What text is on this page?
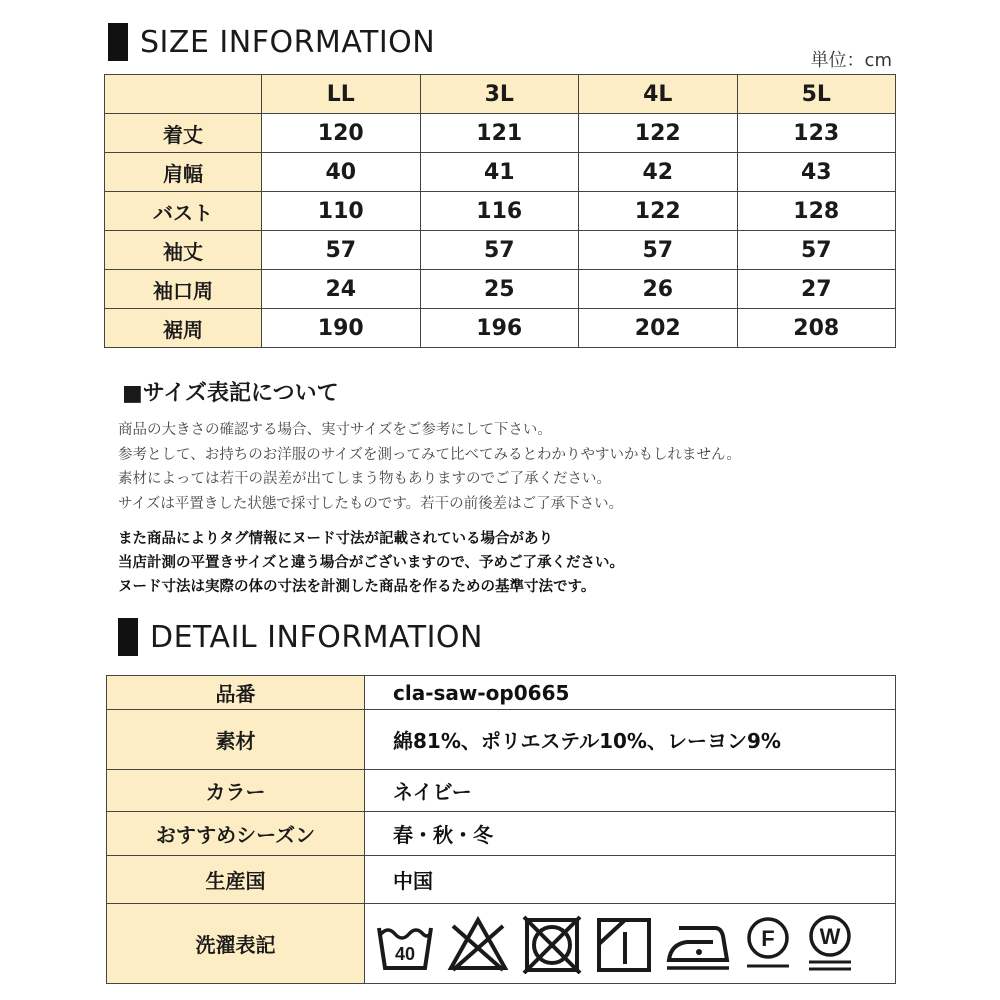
SIZE INFORMATION
単位：cm
	LL	3L	4L	5L
着丈	120	121	122	123
肩幅	40	41	42	43
バスト	110	116	122	128
袖丈	57	57	57	57
袖口周	24	25	26	27
裾周	190	196	202	208
■サイズ表記について
商品の大きさの確認する場合、実寸サイズをご参考にして下さい。
参考として、お持ちのお洋服のサイズを測ってみて比べてみるとわかりやすいかもしれません。
素材によっては若干の誤差が出てしまう物もありますのでご了承ください。
サイズは平置きした状態で採寸したものです。若干の前後差はご了承下さい。
また商品によりタグ情報にヌード寸法が記載されている場合があり
当店計測の平置きサイズと違う場合がございますので、予めご了承ください。
ヌード寸法は実際の体の寸法を計測した商品を作るための基準寸法です。
DETAIL INFORMATION
品番	cla-saw-op0665
素材	綿81%、ポリエステル10%、レーヨン9%
カラー	ネイビー
おすすめシーズン	春・秋・冬
生産国	中国
洗濯表記	40
F W
